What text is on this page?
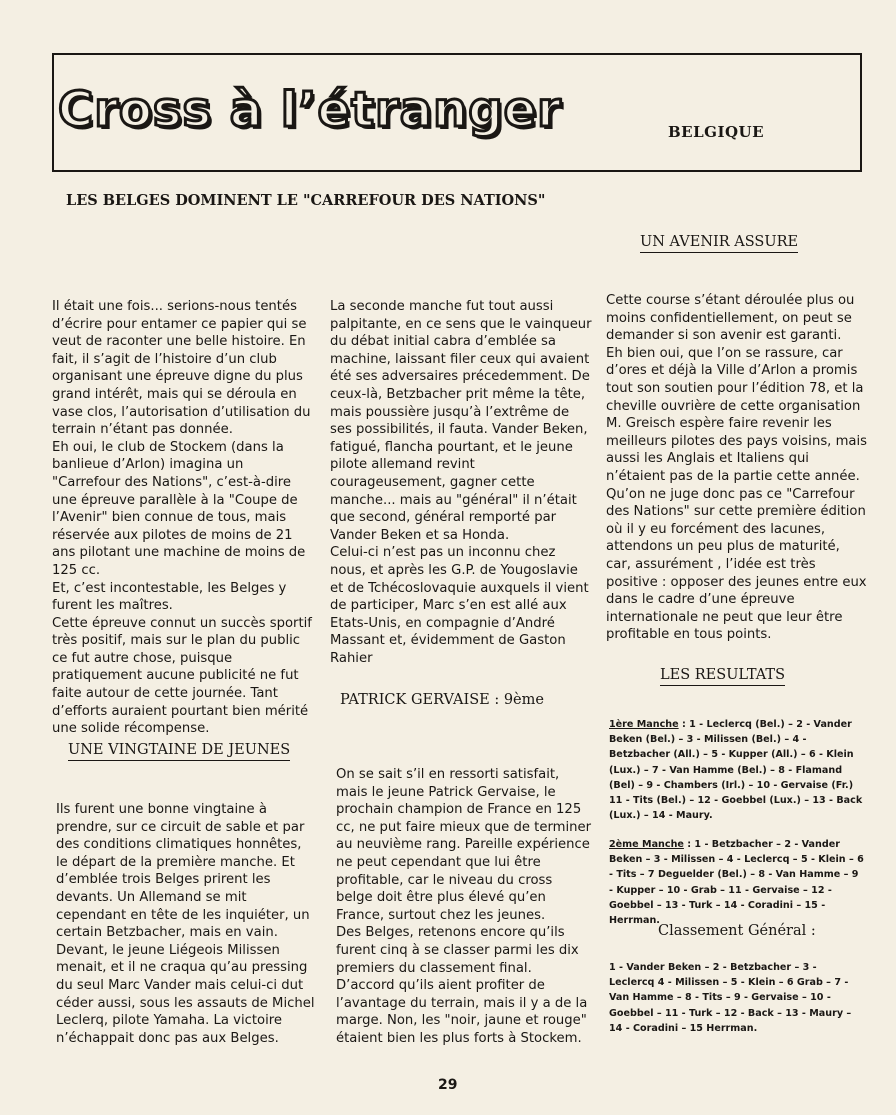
Cross à l’étranger	BELGIQUE
LES BELGES DOMINENT LE "CARREFOUR DES NATIONS"

Il était une fois... serions-nous tentés d’écrire pour entamer ce papier qui se veut de raconter une belle histoire. En fait, il s’agit de l’histoire d’un club organisant une épreuve digne du plus grand intérêt, mais qui se déroula en vase clos, l’autorisation d’utilisation du terrain n’étant pas donnée.

Eh oui, le club de Stockem (dans la banlieue d’Arlon) imagina un "Carrefour des Nations", c’est-à-dire une épreuve parallèle à la "Coupe de l’Avenir" bien connue de tous, mais réservée aux pilotes de moins de 21 ans pilotant une machine de moins de 125 cc.

Et, c’est incontestable, les Belges y furent les maîtres.

Cette épreuve connut un succès sportif très positif, mais sur le plan du public ce fut autre chose, puisque pratiquement aucune publicité ne fut faite autour de cette journée. Tant d’efforts auraient pourtant bien mérité une solide récompense.

UNE VINGTAINE DE JEUNES

Ils furent une bonne vingtaine à prendre, sur ce circuit de sable et par des conditions climatiques honnêtes, le départ de la première manche. Et d’emblée trois Belges prirent les devants. Un Allemand se mit cependant en tête de les inquiéter, un certain Betzbacher, mais en vain. Devant, le jeune Liégeois Milissen menait, et il ne craqua qu’au pressing du seul Marc Vander mais celui-ci dut céder aussi, sous les assauts de Michel Leclerq, pilote Yamaha. La victoire n’échappait donc pas aux Belges.

La seconde manche fut tout aussi palpitante, en ce sens que le vainqueur du débat initial cabra d’emblée sa machine, laissant filer ceux qui avaient été ses adversaires précedemment. De ceux-là, Betzbacher prit même la tête, mais poussière jusqu’à l’extrême de ses possibilités, il fauta. Vander Beken, fatigué, flancha pourtant, et le jeune pilote allemand revint courageusement, gagner cette manche... mais au "général" il n’était que second, général remporté par Vander Beken et sa Honda.

Celui-ci n’est pas un inconnu chez nous, et après les G.P. de Yougoslavie et de Tchécoslovaquie auxquels il vient de participer, Marc s’en est allé aux Etats-Unis, en compagnie d’André Massant et, évidemment de Gaston Rahier

PATRICK GERVAISE : 9ème

On se sait s’il en ressorti satisfait, mais le jeune Patrick Gervaise, le prochain champion de France en 125 cc, ne put faire mieux que de terminer au neuvième rang. Pareille expérience ne peut cependant que lui être profitable, car le niveau du cross belge doit être plus élevé qu’en France, surtout chez les jeunes.

Des Belges, retenons encore qu’ils furent cinq à se classer parmi les dix premiers du classement final. D’accord qu’ils aient profiter de l’avantage du terrain, mais il y a de la marge. Non, les "noir, jaune et rouge" étaient bien les plus forts à Stockem.

UN AVENIR ASSURE

Cette course s’étant déroulée plus ou moins confidentiellement, on peut se demander si son avenir est garanti.

Eh bien oui, que l’on se rassure, car d’ores et déjà la Ville d’Arlon a promis tout son soutien pour l’édition 78, et la cheville ouvrière de cette organisation M. Greisch espère faire revenir les meilleurs pilotes des pays voisins, mais aussi les Anglais et Italiens qui n’étaient pas de la partie cette année.

Qu’on ne juge donc pas ce "Carrefour des Nations" sur cette première édition où il y eu forcément des lacunes, attendons un peu plus de maturité, car, assurément , l’idée est très positive : opposer des jeunes entre eux dans le cadre d’une épreuve internationale ne peut que leur être profitable en tous points.

LES RESULTATS
1ère Manche : 1 - Leclercq (Bel.) – 2 - Vander Beken (Bel.) – 3 - Milissen (Bel.) – 4 - Betzbacher (All.) – 5 - Kupper (All.) – 6 - Klein (Lux.) – 7 - Van Hamme (Bel.) – 8 - Flamand (Bel) – 9 - Chambers (Irl.) – 10 - Gervaise (Fr.) 11 - Tits (Bel.) – 12 - Goebbel (Lux.) – 13 - Back (Lux.) – 14 - Maury.
2ème Manche : 1 - Betzbacher – 2 - Vander Beken – 3 - Milissen – 4 - Leclercq – 5 - Klein – 6 - Tits – 7 Deguelder (Bel.) – 8 - Van Hamme – 9 - Kupper – 10 - Grab – 11 - Gervaise – 12 - Goebbel – 13 - Turk – 14 - Coradini – 15 - Herrman.
Classement Général :
1 - Vander Beken – 2 - Betzbacher – 3 - Leclercq 4 - Milissen – 5 - Klein – 6 Grab – 7 - Van Hamme – 8 - Tits – 9 - Gervaise – 10 - Goebbel – 11 - Turk – 12 - Back – 13 - Maury – 14 - Coradini – 15 Herrman.
29
